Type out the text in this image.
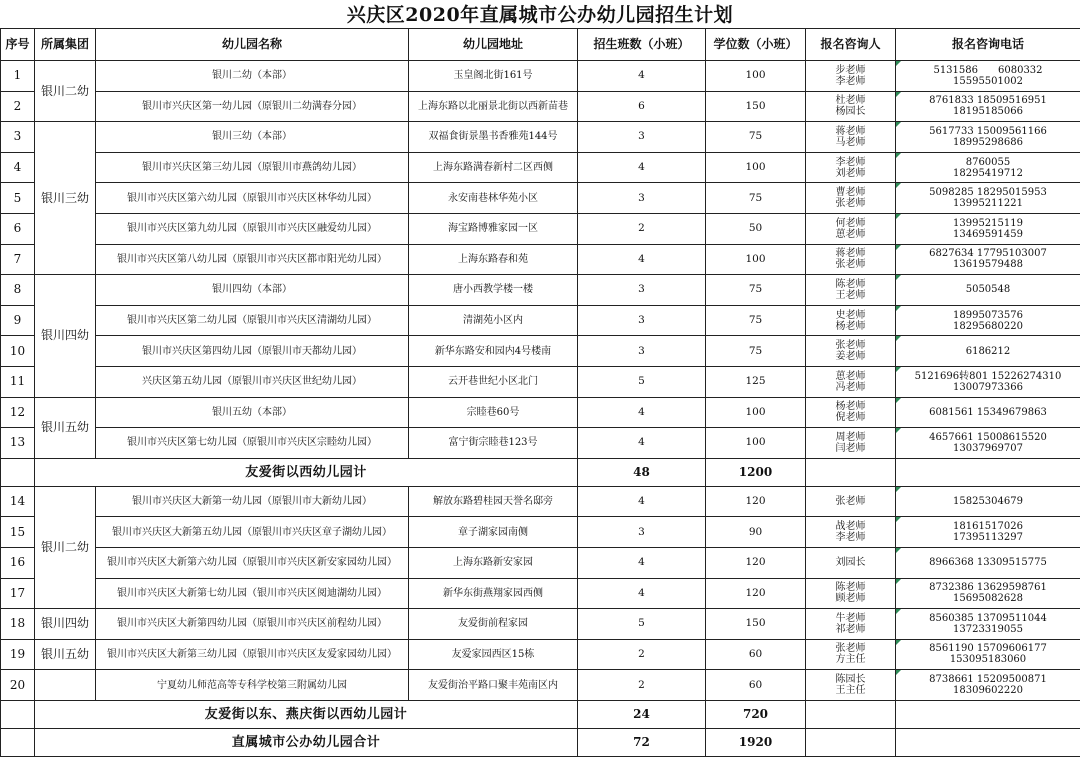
兴庆区2020年直属城市公办幼儿园招生计划
序号	所属集团	幼儿园名称	幼儿园地址	招生班数（小班）	学位数（小班）	报名咨询人	报名咨询电话
1	银川二幼	银川二幼（本部）	玉皇阁北街161号	4	100	步老师
李老师	5131586　　6080332
15595501002

2		银川市兴庆区第一幼儿园（原银川二幼满春分园）	上海东路以北丽景北街以西新苗巷	6	150	杜老师
杨园长	8761833 18509516951
18195185066

3	银川三幼	银川三幼（本部）	双福食街景墨书香雅苑144号	3	75	蒋老师
马老师	5617733 15009561166
18995298686

4		银川市兴庆区第三幼儿园（原银川市燕鸽幼儿园）	上海东路满春新村二区西侧	4	100	李老师
刘老师	8760055
18295419712

5		银川市兴庆区第六幼儿园（原银川市兴庆区林华幼儿园）	永安南巷林华苑小区	3	75	曹老师
张老师	5098285 18295015953
13995211221

6		银川市兴庆区第九幼儿园（原银川市兴庆区融爱幼儿园）	海宝路博雅家园一区	2	50	何老师
葸老师	13995215119
13469591459

7		银川市兴庆区第八幼儿园（原银川市兴庆区都市阳光幼儿园）	上海东路春和苑	4	100	蒋老师
张老师	6827634 17795103007
13619579488

8	银川四幼	银川四幼（本部）	唐小西教学楼一楼	3	75	陈老师
王老师	5050548

9		银川市兴庆区第二幼儿园（原银川市兴庆区清湖幼儿园）	清湖苑小区内	3	75	史老师
杨老师	18995073576
18295680220

10		银川市兴庆区第四幼儿园（原银川市天都幼儿园）	新华东路安和园内4号楼南	3	75	张老师
姜老师	6186212

11		兴庆区第五幼儿园（原银川市兴庆区世纪幼儿园）	云开巷世纪小区北门	5	125	葸老师
冯老师	5121696转801 15226274310
13007973366

12	银川五幼	银川五幼（本部）	宗睦巷60号	4	100	杨老师
倪老师	6081561 15349679863

13		银川市兴庆区第七幼儿园（原银川市兴庆区宗睦幼儿园）	富宁街宗睦巷123号	4	100	周老师
闫老师	4657661 15008615520
13037969707

	友爱街以西幼儿园计			48	1200		
14	银川二幼	银川市兴庆区大新第一幼儿园（原银川市大新幼儿园）	解放东路碧桂园天誉名邸旁	4	120	张老师	15825304679

15		银川市兴庆区大新第五幼儿园（原银川市兴庆区章子湖幼儿园）	章子湖家园南侧	3	90	战老师
李老师	18161517026
17395113297

16		银川市兴庆区大新第六幼儿园（原银川市兴庆区新安家园幼儿园）	上海东路新安家园	4	120	刘园长	8966368 13309515775

17		银川市兴庆区大新第七幼儿园（银川市兴庆区阅迪湖幼儿园）	新华东街燕翔家园西侧	4	120	陈老师
顾老师	8732386 13629598761
15695082628

18	银川四幼	银川市兴庆区大新第四幼儿园（原银川市兴庆区前程幼儿园）	友爱街前程家园	5	150	牛老师
祁老师	8560385 13709511044
13723319055

19	银川五幼	银川市兴庆区大新第三幼儿园（原银川市兴庆区友爱家园幼儿园）	友爱家园西区15栋	2	60	张老师
方主任	8561190 15709606177
153095183060

20		宁夏幼儿师范高等专科学校第三附属幼儿园	友爱街治平路口聚丰苑南区内	2	60	陈园长
王主任	8738661 15209500871
18309602220

	友爱街以东、燕庆街以西幼儿园计			24	720		
	直属城市公办幼儿园合计			72	1920		
